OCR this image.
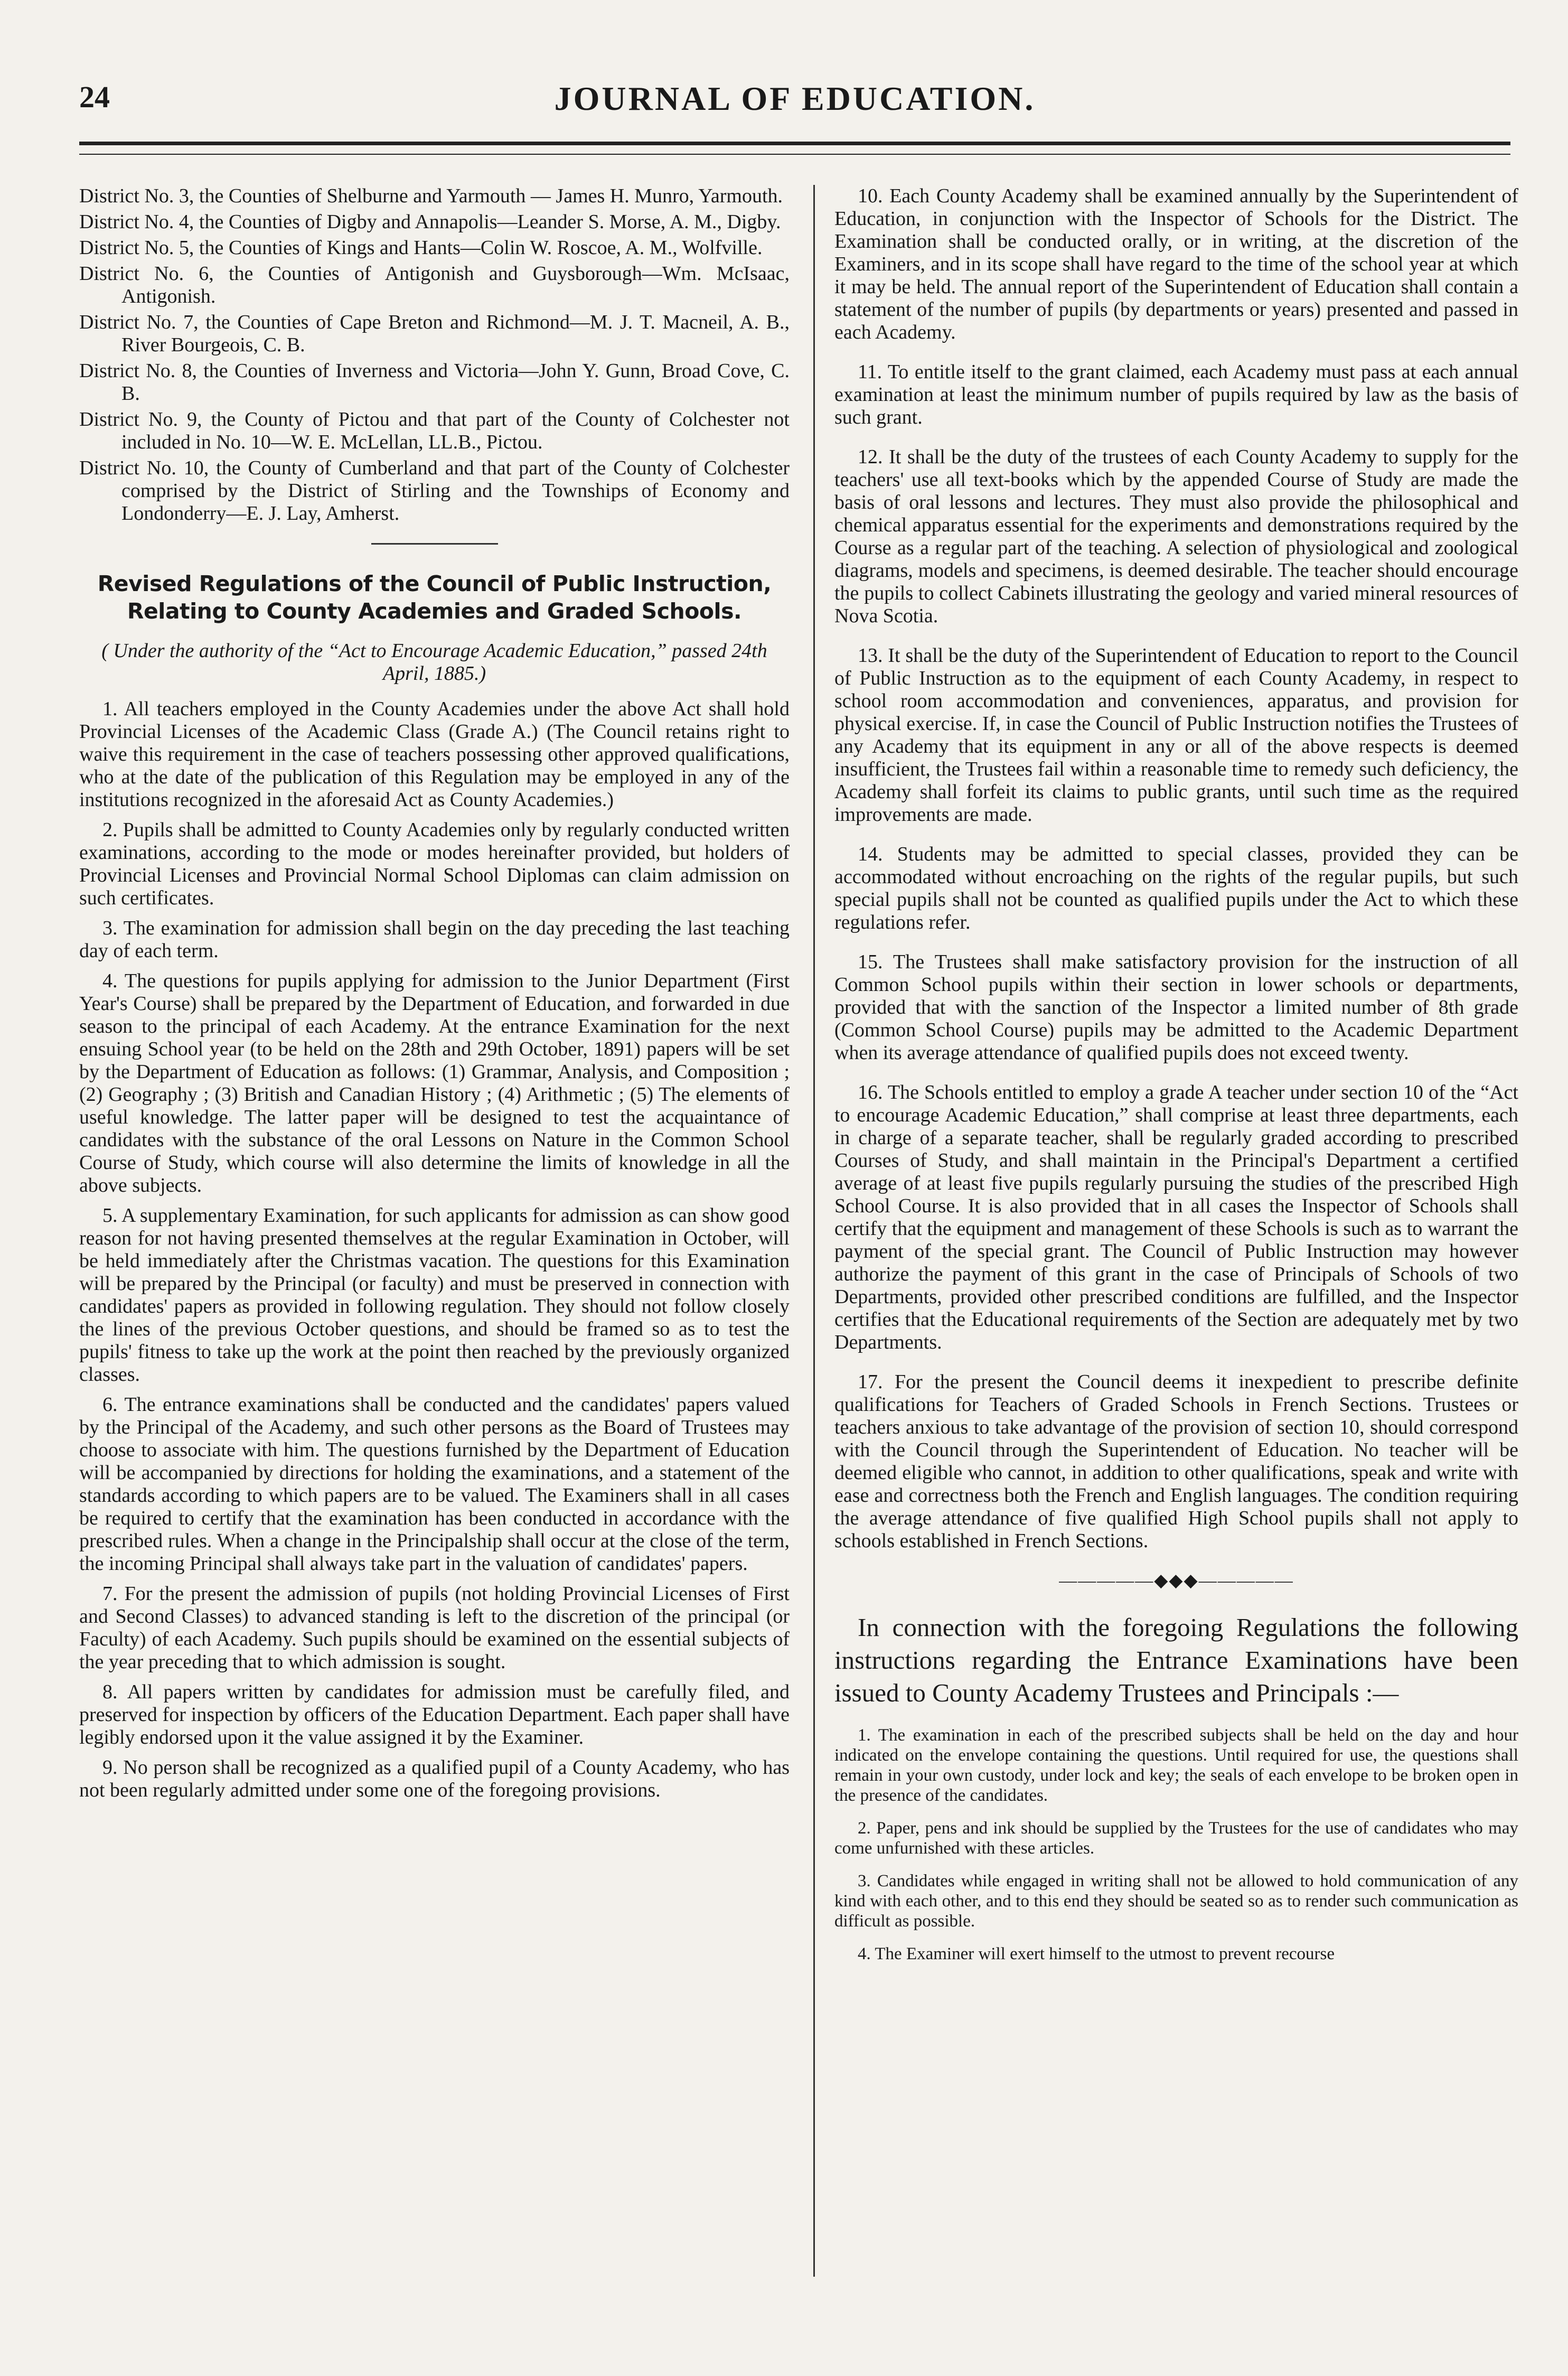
24	JOURNAL OF EDUCATION.

District No. 3, the Counties of Shelburne and Yarmouth — James H. Munro, Yarmouth.

District No. 4, the Counties of Digby and Annapolis—Leander S. Morse, A. M., Digby.

District No. 5, the Counties of Kings and Hants—Colin W. Roscoe, A. M., Wolfville.

District No. 6, the Counties of Antigonish and Guysborough—Wm. McIsaac, Antigonish.

District No. 7, the Counties of Cape Breton and Richmond—M. J. T. Macneil, A. B., River Bourgeois, C. B.

District No. 8, the Counties of Inverness and Victoria—John Y. Gunn, Broad Cove, C. B.

District No. 9, the County of Pictou and that part of the County of Colchester not included in No. 10—W. E. McLellan, LL.B., Pictou.

District No. 10, the County of Cumberland and that part of the County of Colchester comprised by the District of Stirling and the Townships of Economy and Londonderry—E. J. Lay, Amherst.

Revised Regulations of the Council of Public Instruction, Relating to County Academies and Graded Schools.

( Under the authority of the “Act to Encourage Academic Education,” passed 24th April, 1885.)

1. All teachers employed in the County Academies under the above Act shall hold Provincial Licenses of the Academic Class (Grade A.) (The Council retains right to waive this requirement in the case of teachers possessing other approved qualifications, who at the date of the publication of this Regulation may be employed in any of the institutions recognized in the aforesaid Act as County Academies.)

2. Pupils shall be admitted to County Academies only by regularly conducted written examinations, according to the mode or modes hereinafter provided, but holders of Provincial Licenses and Provincial Normal School Diplomas can claim admission on such certificates.

3. The examination for admission shall begin on the day preceding the last teaching day of each term.

4. The questions for pupils applying for admission to the Junior Department (First Year's Course) shall be prepared by the Department of Education, and forwarded in due season to the principal of each Academy. At the entrance Examination for the next ensuing School year (to be held on the 28th and 29th October, 1891) papers will be set by the Department of Education as follows: (1) Grammar, Analysis, and Composition ; (2) Geography ; (3) British and Canadian History ; (4) Arithmetic ; (5) The elements of useful knowledge. The latter paper will be designed to test the acquaintance of candidates with the substance of the oral Lessons on Nature in the Common School Course of Study, which course will also determine the limits of knowledge in all the above subjects.

5. A supplementary Examination, for such applicants for admission as can show good reason for not having presented themselves at the regular Examination in October, will be held immediately after the Christmas vacation. The questions for this Examination will be prepared by the Principal (or faculty) and must be preserved in connection with candidates' papers as provided in following regulation. They should not follow closely the lines of the previous October questions, and should be framed so as to test the pupils' fitness to take up the work at the point then reached by the previously organized classes.

6. The entrance examinations shall be conducted and the candidates' papers valued by the Principal of the Academy, and such other persons as the Board of Trustees may choose to associate with him. The questions furnished by the Department of Education will be accompanied by directions for holding the examinations, and a statement of the standards according to which papers are to be valued. The Examiners shall in all cases be required to certify that the examination has been conducted in accordance with the prescribed rules. When a change in the Principalship shall occur at the close of the term, the incoming Principal shall always take part in the valuation of candidates' papers.

7. For the present the admission of pupils (not holding Provincial Licenses of First and Second Classes) to advanced standing is left to the discretion of the principal (or Faculty) of each Academy. Such pupils should be examined on the essential subjects of the year preceding that to which admission is sought.

8. All papers written by candidates for admission must be carefully filed, and preserved for inspection by officers of the Education Department. Each paper shall have legibly endorsed upon it the value assigned it by the Examiner.

9. No person shall be recognized as a qualified pupil of a County Academy, who has not been regularly admitted under some one of the foregoing provisions.

10. Each County Academy shall be examined annually by the Superintendent of Education, in conjunction with the Inspector of Schools for the District. The Examination shall be conducted orally, or in writing, at the discretion of the Examiners, and in its scope shall have regard to the time of the school year at which it may be held. The annual report of the Superintendent of Education shall contain a statement of the number of pupils (by departments or years) presented and passed in each Academy.

11. To entitle itself to the grant claimed, each Academy must pass at each annual examination at least the minimum number of pupils required by law as the basis of such grant.

12. It shall be the duty of the trustees of each County Academy to supply for the teachers' use all text-books which by the appended Course of Study are made the basis of oral lessons and lectures. They must also provide the philosophical and chemical apparatus essential for the experiments and demonstrations required by the Course as a regular part of the teaching. A selection of physiological and zoological diagrams, models and specimens, is deemed desirable. The teacher should encourage the pupils to collect Cabinets illustrating the geology and varied mineral resources of Nova Scotia.

13. It shall be the duty of the Superintendent of Education to report to the Council of Public Instruction as to the equipment of each County Academy, in respect to school room accommodation and conveniences, apparatus, and provision for physical exercise. If, in case the Council of Public Instruction notifies the Trustees of any Academy that its equipment in any or all of the above respects is deemed insufficient, the Trustees fail within a reasonable time to remedy such deficiency, the Academy shall forfeit its claims to public grants, until such time as the required improvements are made.

14. Students may be admitted to special classes, provided they can be accommodated without encroaching on the rights of the regular pupils, but such special pupils shall not be counted as qualified pupils under the Act to which these regulations refer.

15. The Trustees shall make satisfactory provision for the instruction of all Common School pupils within their section in lower schools or departments, provided that with the sanction of the Inspector a limited number of 8th grade (Common School Course) pupils may be admitted to the Academic Department when its average attendance of qualified pupils does not exceed twenty.

16. The Schools entitled to employ a grade A teacher under section 10 of the “Act to encourage Academic Education,” shall comprise at least three departments, each in charge of a separate teacher, shall be regularly graded according to prescribed Courses of Study, and shall maintain in the Principal's Department a certified average of at least five pupils regularly pursuing the studies of the prescribed High School Course. It is also provided that in all cases the Inspector of Schools shall certify that the equipment and management of these Schools is such as to warrant the payment of the special grant. The Council of Public Instruction may however authorize the payment of this grant in the case of Principals of Schools of two Departments, provided other prescribed conditions are fulfilled, and the Inspector certifies that the Educational requirements of the Section are adequately met by two Departments.

17. For the present the Council deems it inexpedient to prescribe definite qualifications for Teachers of Graded Schools in French Sections. Trustees or teachers anxious to take advantage of the provision of section 10, should correspond with the Council through the Superintendent of Education. No teacher will be deemed eligible who cannot, in addition to other qualifications, speak and write with ease and correctness both the French and English languages. The condition requiring the average attendance of five qualified High School pupils shall not apply to schools established in French Sections.

—————◆◆◆—————

In connection with the foregoing Regulations the following instructions regarding the Entrance Examinations have been issued to County Academy Trustees and Principals :—

1. The examination in each of the prescribed subjects shall be held on the day and hour indicated on the envelope containing the questions. Until required for use, the questions shall remain in your own custody, under lock and key; the seals of each envelope to be broken open in the presence of the candidates.

2. Paper, pens and ink should be supplied by the Trustees for the use of candidates who may come unfurnished with these articles.

3. Candidates while engaged in writing shall not be allowed to hold communication of any kind with each other, and to this end they should be seated so as to render such communication as difficult as possible.

4. The Examiner will exert himself to the utmost to prevent recourse
